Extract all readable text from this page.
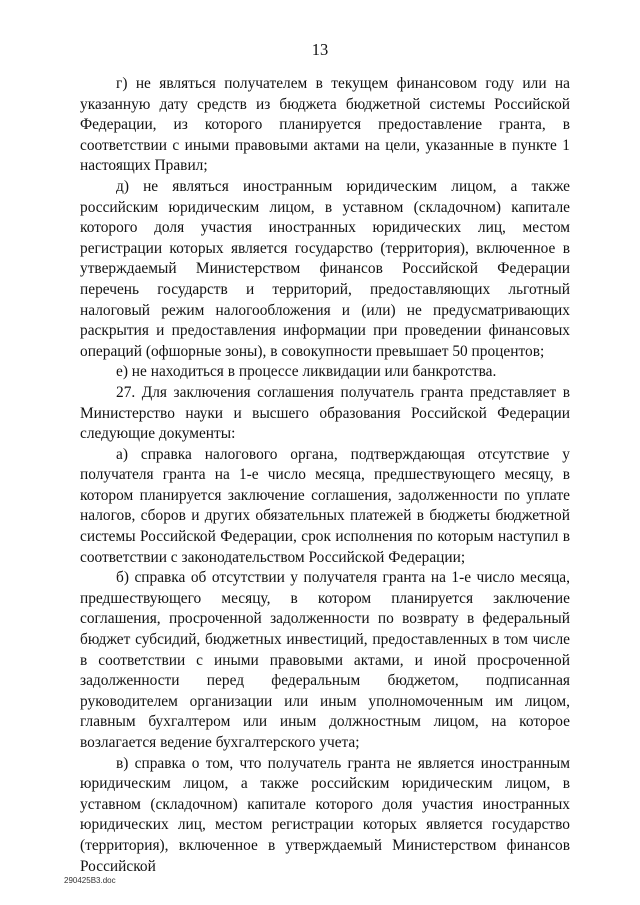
13

г) не являться получателем в текущем финансовом году или на указанную дату средств из бюджета бюджетной системы Российской Федерации, из которого планируется предоставление гранта, в соответствии с иными правовыми актами на цели, указанные в пункте 1 настоящих Правил;

д) не являться иностранным юридическим лицом, а также российским юридическим лицом, в уставном (складочном) капитале которого доля участия иностранных юридических лиц, местом регистрации которых является государство (территория), включенное в утверждаемый Министерством финансов Российской Федерации перечень государств и территорий, предоставляющих льготный налоговый режим налогообложения и (или) не предусматривающих раскрытия и предоставления информации при проведении финансовых операций (офшорные зоны), в совокупности превышает 50 процентов;

е) не находиться в процессе ликвидации или банкротства.

27. Для заключения соглашения получатель гранта представляет в Министерство науки и высшего образования Российской Федерации следующие документы:

а) справка налогового органа, подтверждающая отсутствие у получателя гранта на 1-е число месяца, предшествующего месяцу, в котором планируется заключение соглашения, задолженности по уплате налогов, сборов и других обязательных платежей в бюджеты бюджетной системы Российской Федерации, срок исполнения по которым наступил в соответствии с законодательством Российской Федерации;

б) справка об отсутствии у получателя гранта на 1-е число месяца, предшествующего месяцу, в котором планируется заключение соглашения, просроченной задолженности по возврату в федеральный бюджет субсидий, бюджетных инвестиций, предоставленных в том числе в соответствии с иными правовыми актами, и иной просроченной задолженности перед федеральным бюджетом, подписанная руководителем организации или иным уполномоченным им лицом, главным бухгалтером или иным должностным лицом, на которое возлагается ведение бухгалтерского учета;

в) справка о том, что получатель гранта не является иностранным юридическим лицом, а также российским юридическим лицом, в уставном (складочном) капитале которого доля участия иностранных юридических лиц, местом регистрации которых является государство (территория), включенное в утверждаемый Министерством финансов Российской

290425B3.doc
